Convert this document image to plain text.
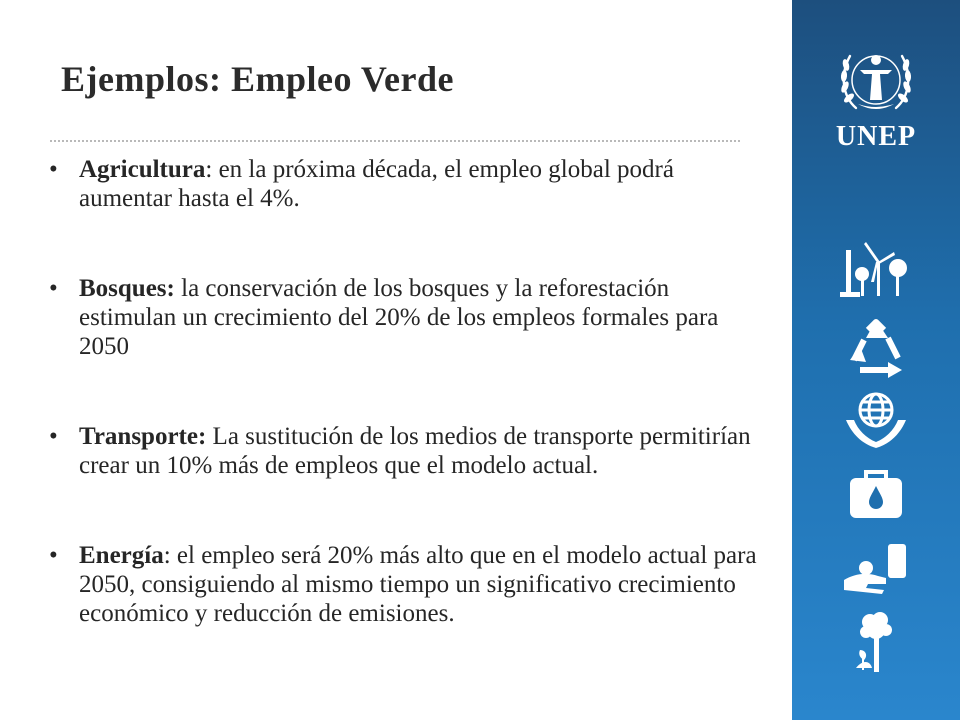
Ejemplos: Empleo Verde
• Agricultura: en la próxima década, el empleo global podrá aumentar hasta el 4%.
• Bosques: la conservación de los bosques y la reforestación estimulan un crecimiento del 20% de los empleos formales para 2050
• Transporte: La sustitución de los medios de transporte permitirían crear un 10% más de empleos que el modelo actual.
• Energía: el empleo será 20% más alto que en el modelo actual para 2050, consiguiendo al mismo tiempo un significativo crecimiento económico y reducción de emisiones.
UNEP
